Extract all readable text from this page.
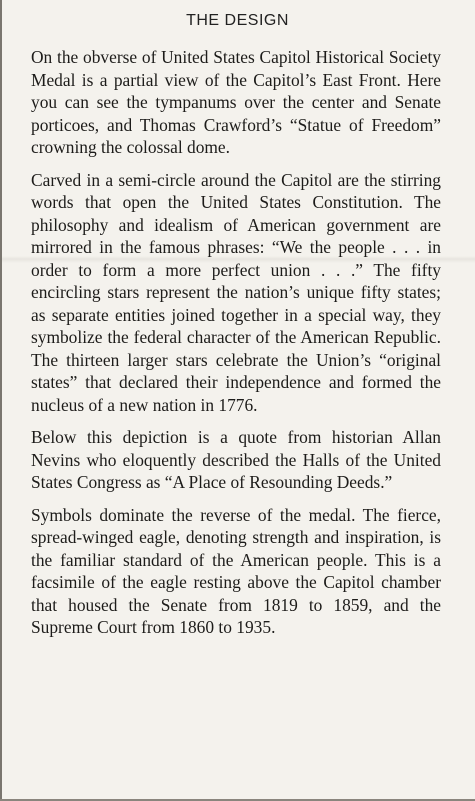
THE DESIGN

On the obverse of United States Capitol Historical Society Medal is a partial view of the Capitol’s East Front. Here you can see the tympanums over the center and Senate porticoes, and Thomas Crawford’s “Statue of Freedom” crowning the colossal dome.

Carved in a semi-circle around the Capitol are the stirring words that open the United States Constitution. The philosophy and idealism of American government are mirrored in the famous phrases: “We the people . . . in order to form a more perfect union . . .” The fifty encircling stars represent the nation’s unique fifty states; as separate entities joined together in a special way, they symbolize the federal character of the American Republic. The thirteen larger stars celebrate the Union’s “original states” that declared their independence and formed the nucleus of a new nation in 1776.

Below this depiction is a quote from historian Allan Nevins who eloquently described the Halls of the United States Congress as “A Place of Resounding Deeds.”

Symbols dominate the reverse of the medal. The fierce, spread-winged eagle, denoting strength and inspiration, is the familiar standard of the American people. This is a facsimile of the eagle resting above the Capitol chamber that housed the Senate from 1819 to 1859, and the Supreme Court from 1860 to 1935.
